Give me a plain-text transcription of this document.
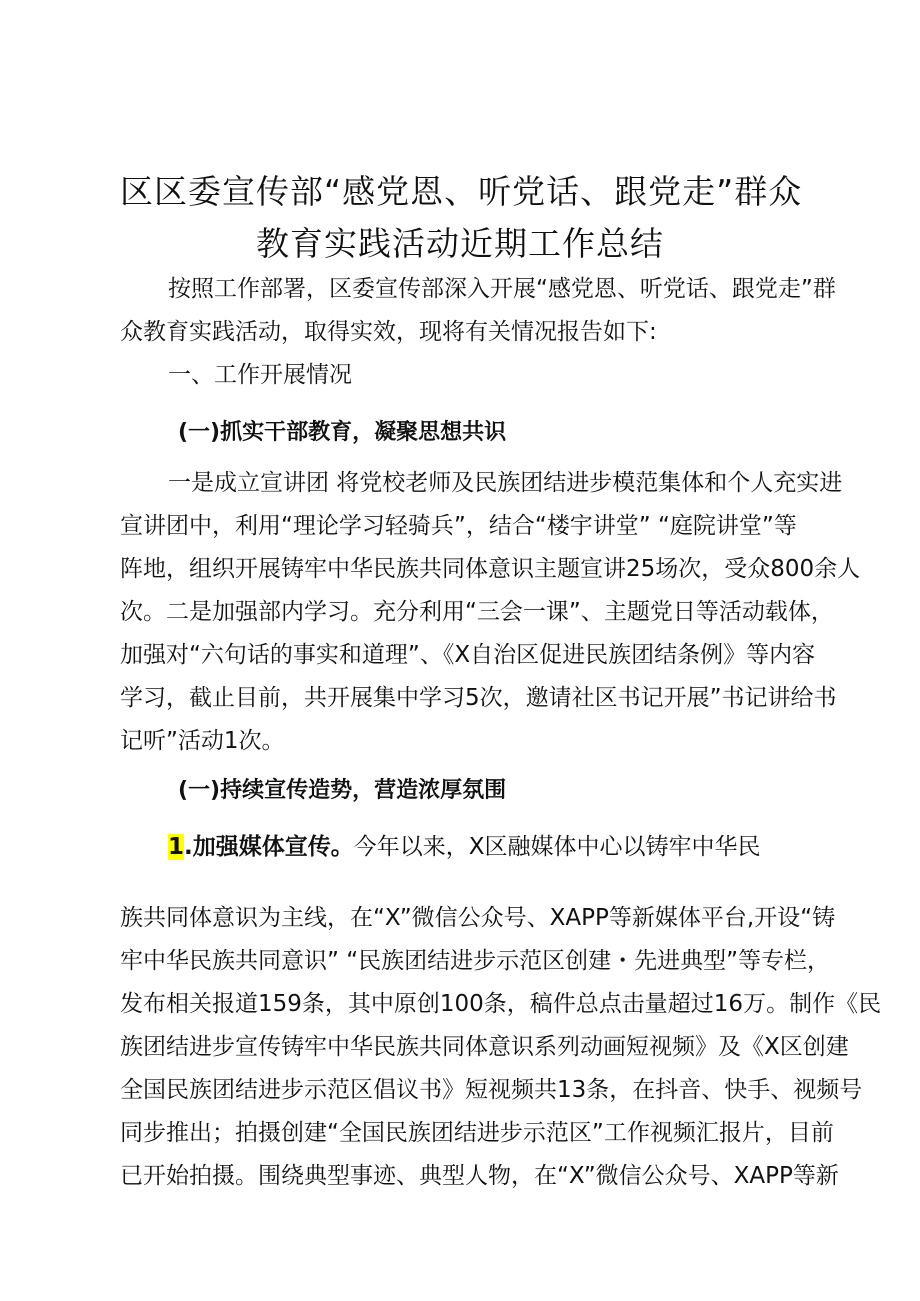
区区委宣传部“感党恩、听党话、跟党走”群众
教育实践活动近期工作总结

按照工作部署，区委宣传部深入开展“感党恩、听党话、跟党走”群
众教育实践活动，取得实效，现将有关情况报告如下:

一、工作开展情况

(一)抓实干部教育，凝聚思想共识

一是成立宣讲团 将党校老师及民族团结进步模范集体和个人充实进
宣讲团中，利用“理论学习轻骑兵”，结合“楼宇讲堂” “庭院讲堂”等
阵地，组织开展铸牢中华民族共同体意识主题宣讲25场次，受众800余人
次。二是加强部内学习。充分利用“三会一课”、主题党日等活动载体，
加强对“六句话的事实和道理”、《X自治区促进民族团结条例》等内容
学习，截止目前，共开展集中学习5次，邀请社区书记开展”书记讲给书
记听”活动1次。

(一)持续宣传造势，营造浓厚氛围

1.加强媒体宣传。今年以来，X区融媒体中心以铸牢中华民

族共同体意识为主线，在“X”微信公众号、XAPP等新媒体平台,开设“铸
牢中华民族共同意识” “民族团结进步示范区创建・先进典型”等专栏，
发布相关报道159条，其中原创100条，稿件总点击量超过16万。制作《民
族团结进步宣传铸牢中华民族共同体意识系列动画短视频》及《X区创建
全国民族团结进步示范区倡议书》短视频共13条，在抖音、快手、视频号
同步推出；拍摄创建“全国民族团结进步示范区”工作视频汇报片，目前
已开始拍摄。围绕典型事迹、典型人物，在“X”微信公众号、XAPP等新
